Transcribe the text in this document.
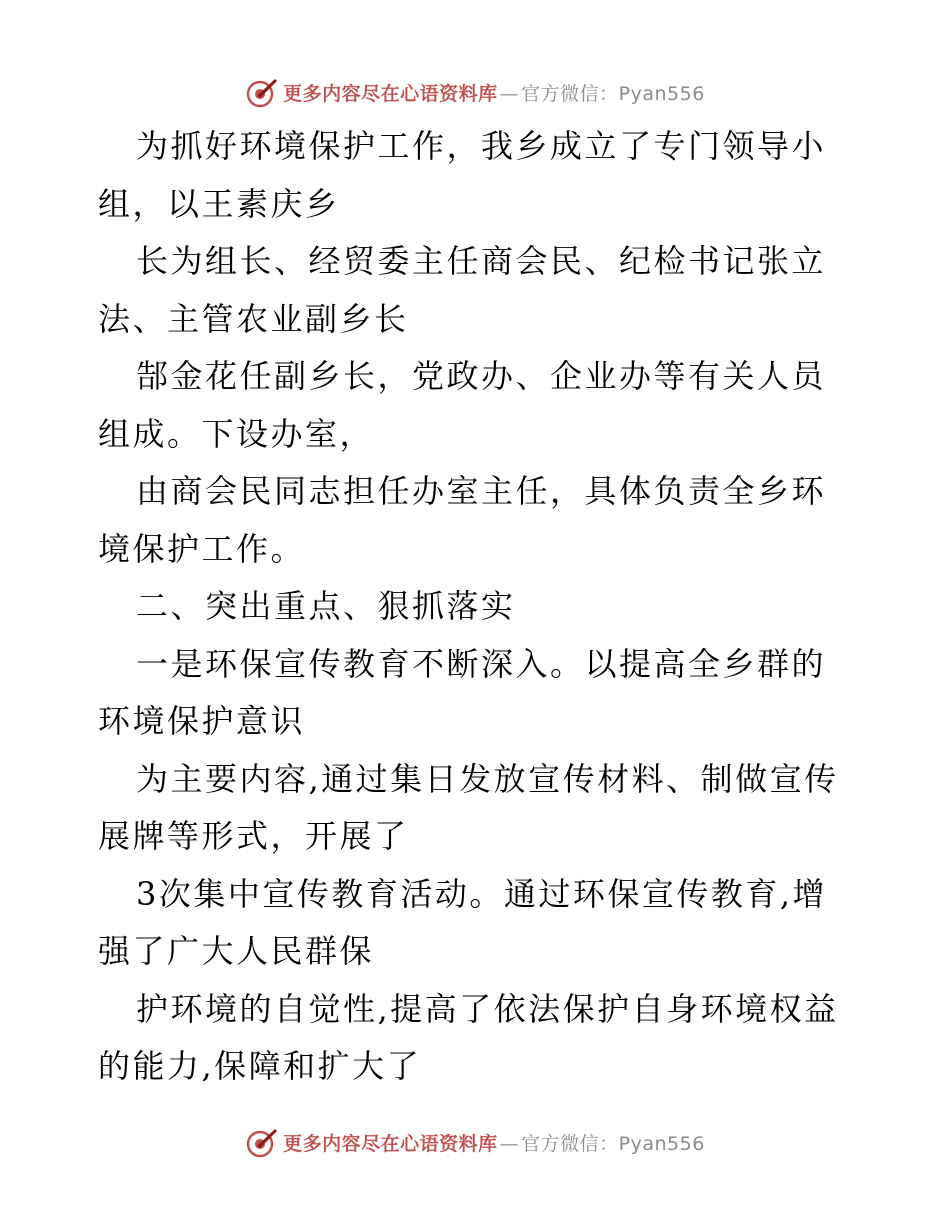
更多内容尽在心语资料库 — 官方微信：Pyan556

为抓好环境保护工作，我乡成立了专门领导小组，以王素庆乡

长为组长、经贸委主任商会民、纪检书记张立法、主管农业副乡长

郜金花任副乡长，党政办、企业办等有关人员组成。下设办室，

由商会民同志担任办室主任，具体负责全乡环境保护工作。

二、突出重点、狠抓落实

一是环保宣传教育不断深入。以提高全乡群的环境保护意识

为主要内容,通过集日发放宣传材料、制做宣传展牌等形式，开展了

3次集中宣传教育活动。通过环保宣传教育,增强了广大人民群保

护环境的自觉性,提高了依法保护自身环境权益的能力,保障和扩大了

更多内容尽在心语资料库 — 官方微信：Pyan556
